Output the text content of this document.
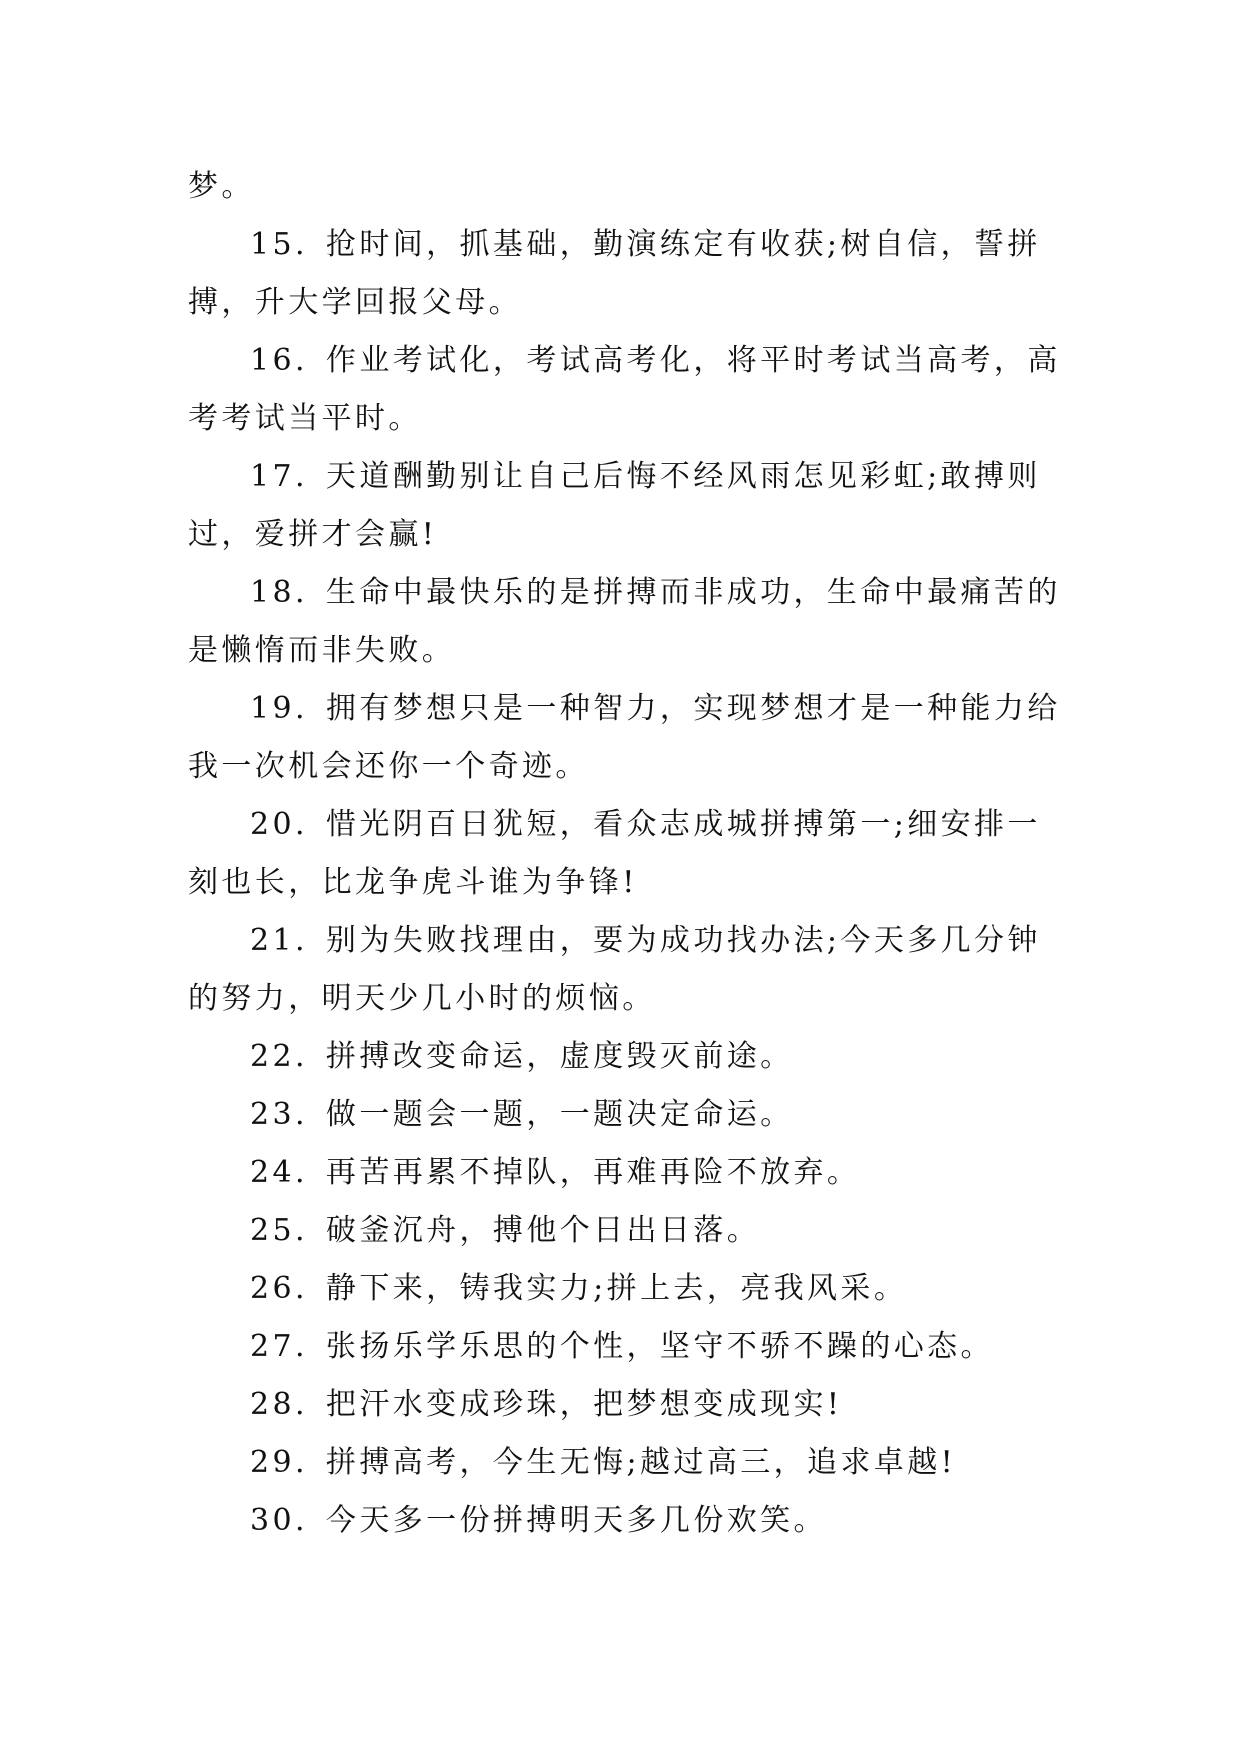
梦。
15. 抢时间，抓基础，勤演练定有收获;树自信，誓拼
搏，升大学回报父母。
16. 作业考试化，考试高考化，将平时考试当高考，高
考考试当平时。
17. 天道酬勤别让自己后悔不经风雨怎见彩虹;敢搏则
过，爱拼才会赢!
18. 生命中最快乐的是拼搏而非成功，生命中最痛苦的
是懒惰而非失败。
19. 拥有梦想只是一种智力，实现梦想才是一种能力给
我一次机会还你一个奇迹。
20. 惜光阴百日犹短，看众志成城拼搏第一;细安排一
刻也长，比龙争虎斗谁为争锋!
21. 别为失败找理由，要为成功找办法;今天多几分钟
的努力，明天少几小时的烦恼。
22. 拼搏改变命运，虚度毁灭前途。
23. 做一题会一题，一题决定命运。
24. 再苦再累不掉队，再难再险不放弃。
25. 破釜沉舟，搏他个日出日落。
26. 静下来，铸我实力;拼上去，亮我风采。
27. 张扬乐学乐思的个性，坚守不骄不躁的心态。
28. 把汗水变成珍珠，把梦想变成现实!
29. 拼搏高考，今生无悔;越过高三，追求卓越!
30. 今天多一份拼搏明天多几份欢笑。
